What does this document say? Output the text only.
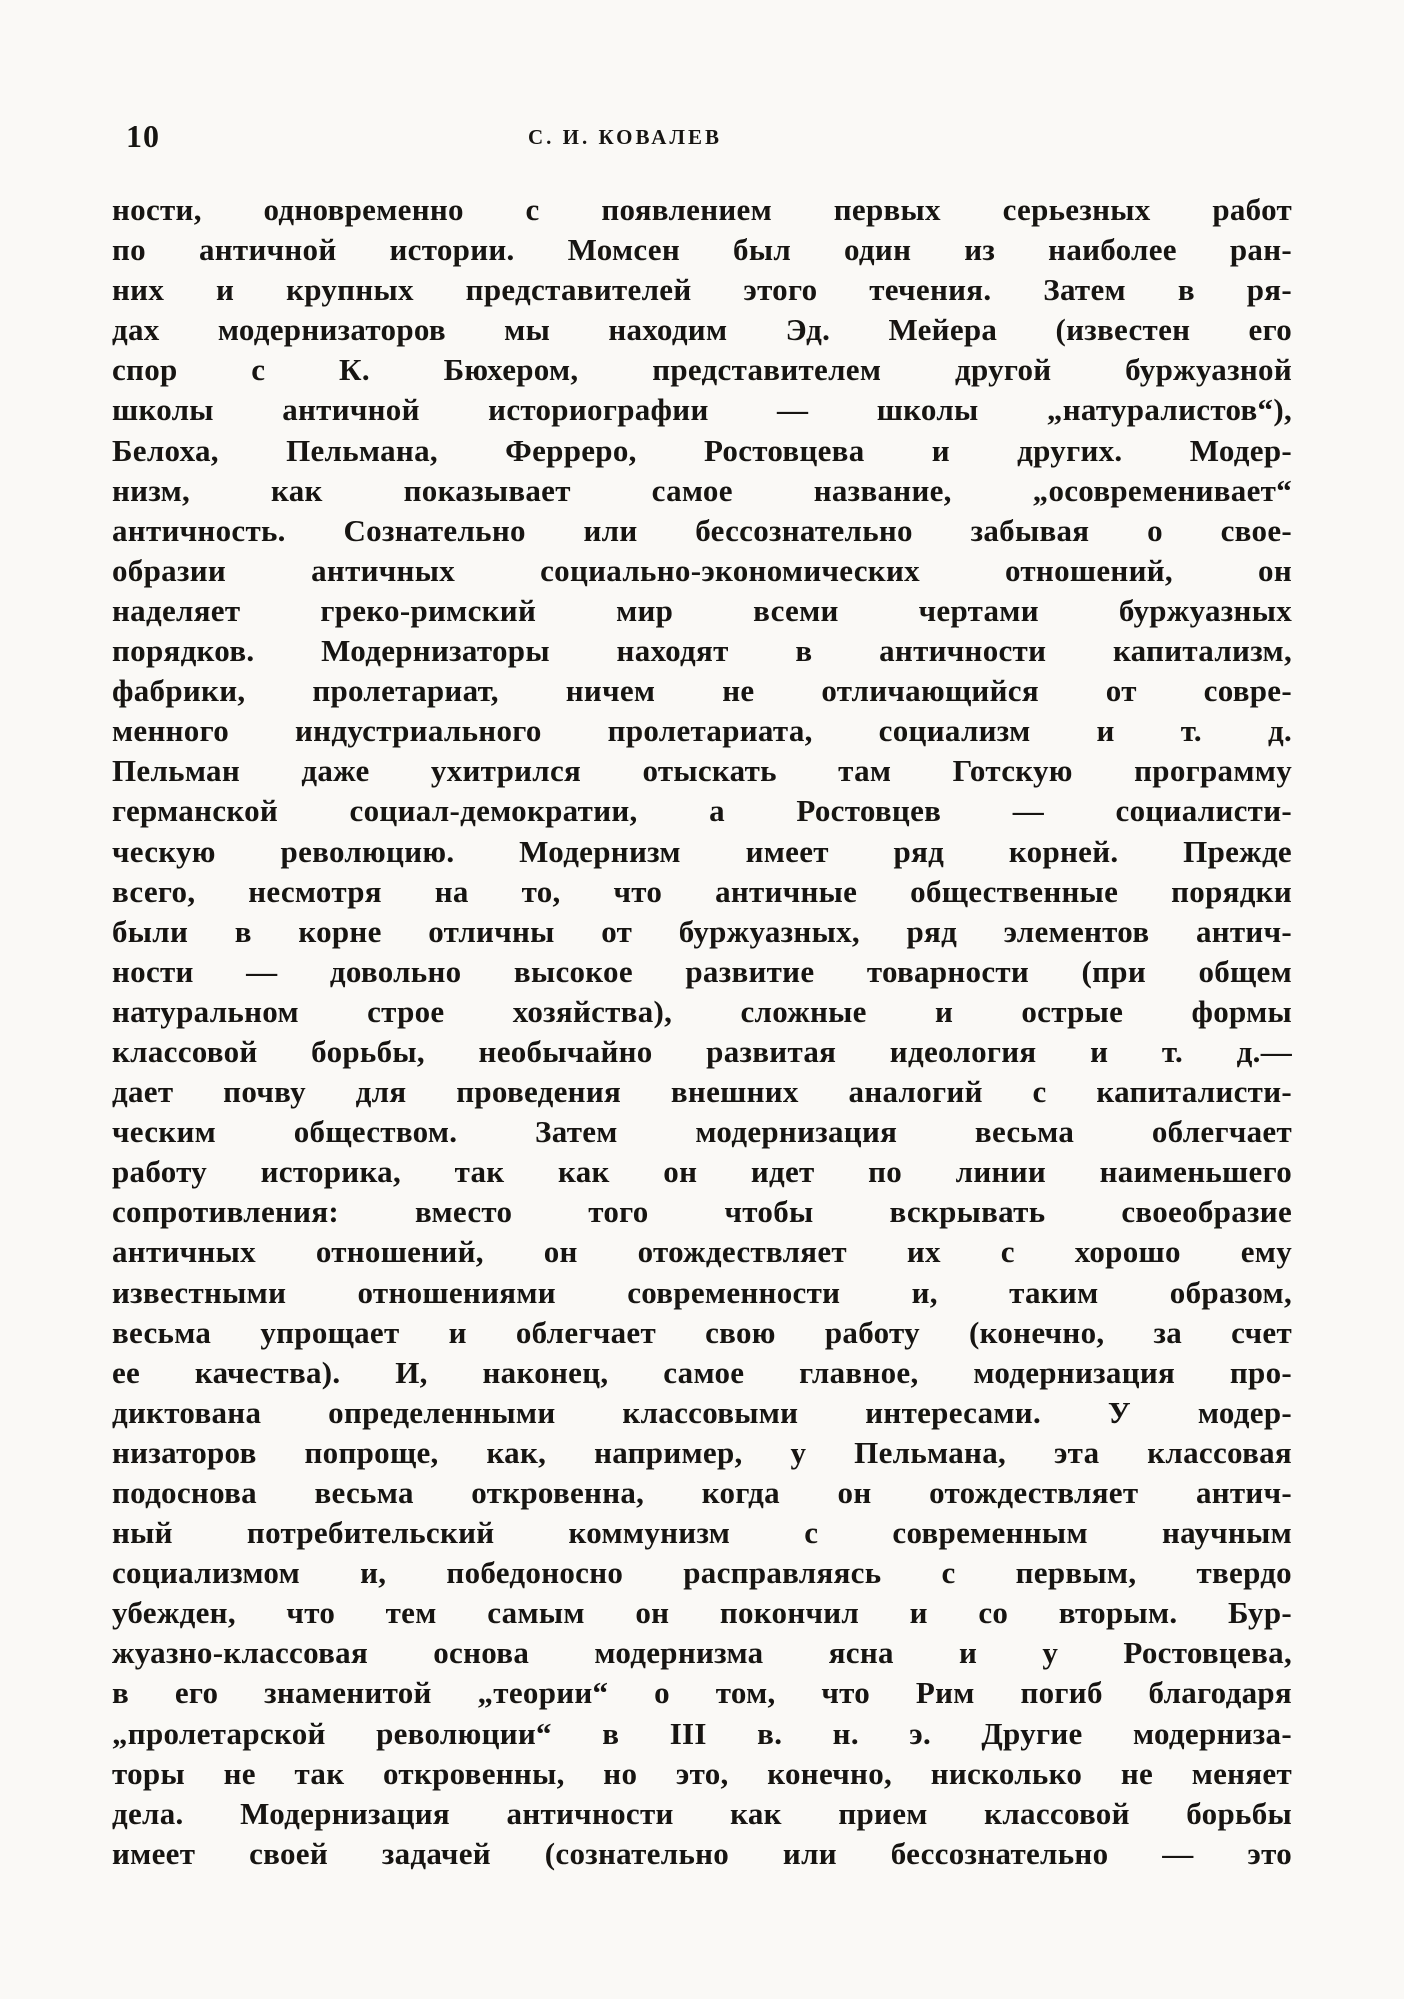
10	С. И. КОВАЛЕВ
ности, одновременно с появлением первых серьезных работ
по античной истории. Момсен был один из наиболее ран-
них и крупных представителей этого течения. Затем в ря-
дах модернизаторов мы находим Эд. Мейера (известен его
спор с К. Бюхером, представителем другой буржуазной
школы античной историографии — школы „натуралистов“),
Белоха, Пельмана, Ферреро, Ростовцева и других. Модер-
низм, как показывает самое название, „осовременивает“
античность. Сознательно или бессознательно забывая о свое-
образии античных социально-экономических отношений, он
наделяет греко-римский мир всеми чертами буржуазных
порядков. Модернизаторы находят в античности капитализм,
фабрики, пролетариат, ничем не отличающийся от совре-
менного индустриального пролетариата, социализм и т. д.
Пельман даже ухитрился отыскать там Готскую программу
германской социал-демократии, а Ростовцев — социалисти-
ческую революцию. Модернизм имеет ряд корней. Прежде
всего, несмотря на то, что античные общественные порядки
были в корне отличны от буржуазных, ряд элементов антич-
ности — довольно высокое развитие товарности (при общем
натуральном строе хозяйства), сложные и острые формы
классовой борьбы, необычайно развитая идеология и т. д.—
дает почву для проведения внешних аналогий с капиталисти-
ческим обществом. Затем модернизация весьма облегчает
работу историка, так как он идет по линии наименьшего
сопротивления: вместо того чтобы вскрывать своеобразие
античных отношений, он отождествляет их с хорошо ему
известными отношениями современности и, таким образом,
весьма упрощает и облегчает свою работу (конечно, за счет
ее качества). И, наконец, самое главное, модернизация про-
диктована определенными классовыми интересами. У модер-
низаторов попроще, как, например, у Пельмана, эта классовая
подоснова весьма откровенна, когда он отождествляет антич-
ный потребительский коммунизм с современным научным
социализмом и, победоносно расправляясь с первым, твердо
убежден, что тем самым он покончил и со вторым. Бур-
жуазно-классовая основа модернизма ясна и у Ростовцева,
в его знаменитой „теории“ о том, что Рим погиб благодаря
„пролетарской революции“ в III в. н. э. Другие модерниза-
торы не так откровенны, но это, конечно, нисколько не меняет
дела. Модернизация античности как прием классовой борьбы
имеет своей задачей (сознательно или бессознательно — это
